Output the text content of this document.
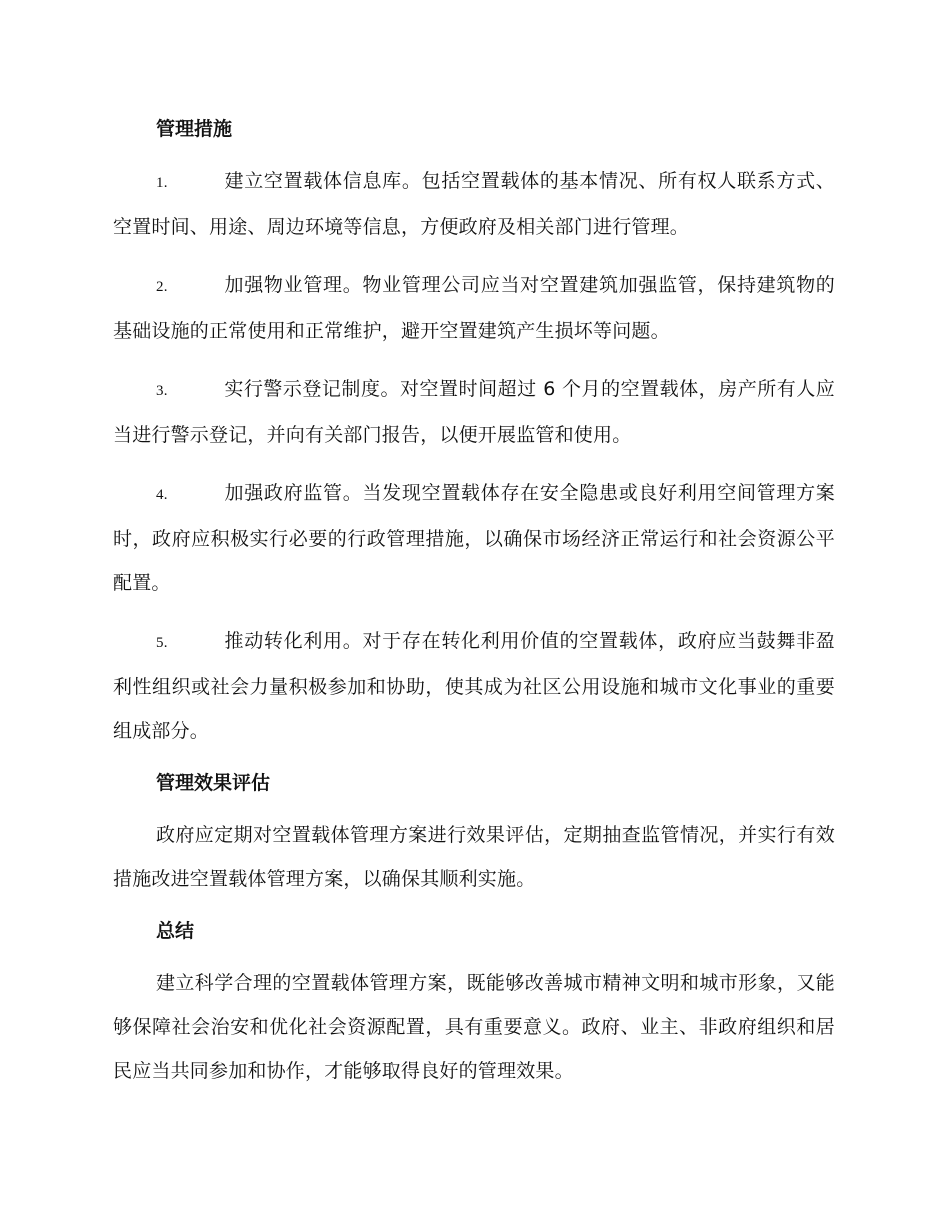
管理措施
1.	建立空置载体信息库。包括空置载体的基本情况、所有权人联系方式、空置时间、用途、周边环境等信息，方便政府及相关部门进行管理。
2.	加强物业管理。物业管理公司应当对空置建筑加强监管，保持建筑物的基础设施的正常使用和正常维护，避开空置建筑产生损坏等问题。
3.	实行警示登记制度。对空置时间超过 6 个月的空置载体，房产所有人应当进行警示登记，并向有关部门报告，以便开展监管和使用。
4.	加强政府监管。当发现空置载体存在安全隐患或良好利用空间管理方案时，政府应积极实行必要的行政管理措施，以确保市场经济正常运行和社会资源公平配置。
5.	推动转化利用。对于存在转化利用价值的空置载体，政府应当鼓舞非盈利性组织或社会力量积极参加和协助，使其成为社区公用设施和城市文化事业的重要组成部分。
管理效果评估
政府应定期对空置载体管理方案进行效果评估，定期抽查监管情况，并实行有效措施改进空置载体管理方案，以确保其顺利实施。
总结
建立科学合理的空置载体管理方案，既能够改善城市精神文明和城市形象，又能够保障社会治安和优化社会资源配置，具有重要意义。政府、业主、非政府组织和居民应当共同参加和协作，才能够取得良好的管理效果。
